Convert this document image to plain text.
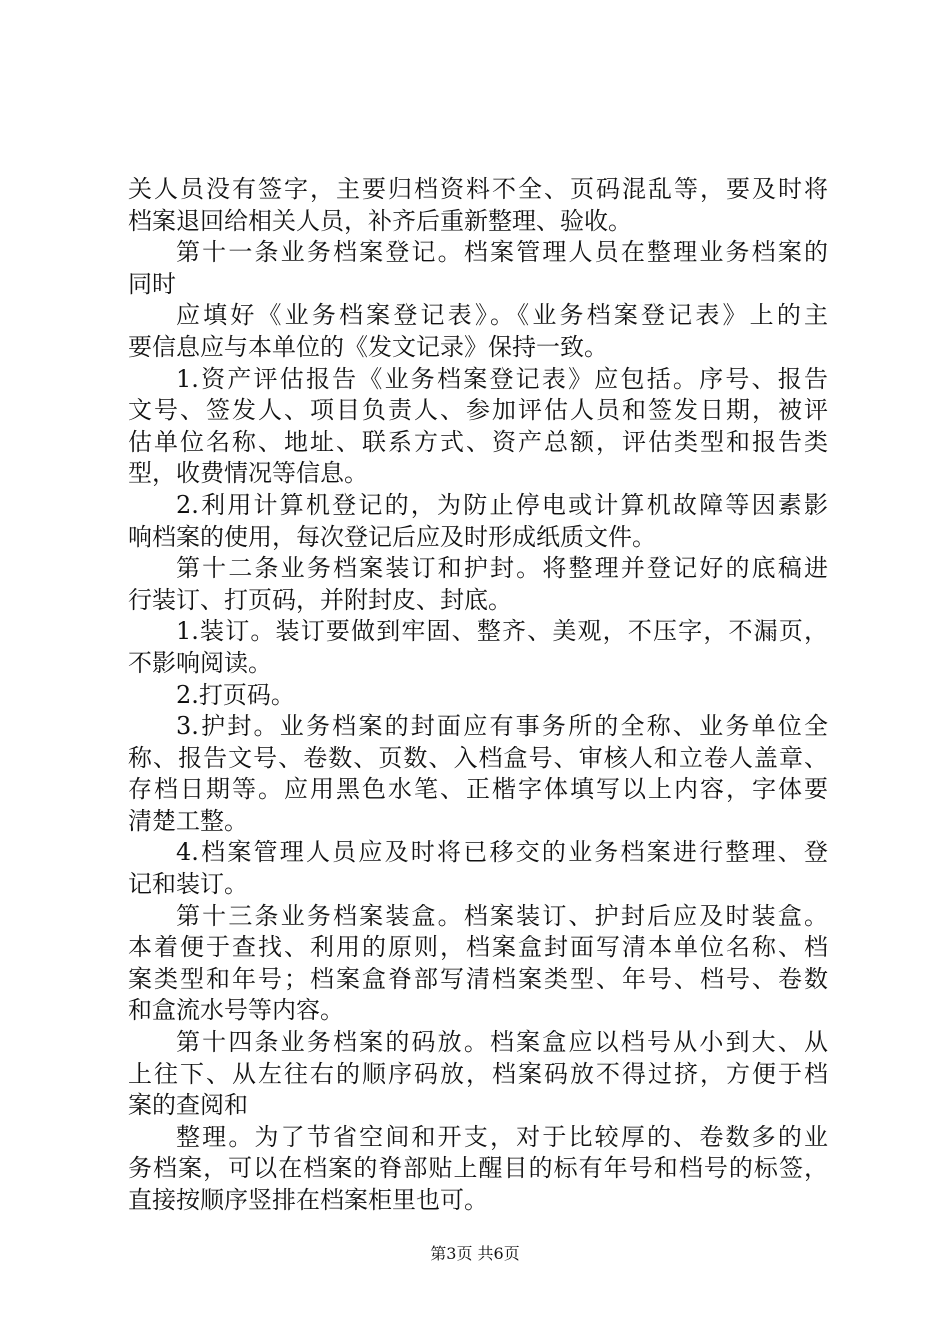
关人员没有签字，主要归档资料不全、页码混乱等，要及时将
档案退回给相关人员，补齐后重新整理、验收。
第十一条业务档案登记。档案管理人员在整理业务档案的
同时
应填好《业务档案登记表》。《业务档案登记表》上的主
要信息应与本单位的《发文记录》保持一致。
1.资产评估报告《业务档案登记表》应包括。序号、报告
文号、签发人、项目负责人、参加评估人员和签发日期，被评
估单位名称、地址、联系方式、资产总额，评估类型和报告类
型，收费情况等信息。
2.利用计算机登记的，为防止停电或计算机故障等因素影
响档案的使用，每次登记后应及时形成纸质文件。
第十二条业务档案装订和护封。将整理并登记好的底稿进
行装订、打页码，并附封皮、封底。
1.装订。装订要做到牢固、整齐、美观，不压字，不漏页，
不影响阅读。
2.打页码。
3.护封。业务档案的封面应有事务所的全称、业务单位全
称、报告文号、卷数、页数、入档盒号、审核人和立卷人盖章、
存档日期等。应用黑色水笔、正楷字体填写以上内容，字体要
清楚工整。
4.档案管理人员应及时将已移交的业务档案进行整理、登
记和装订。
第十三条业务档案装盒。档案装订、护封后应及时装盒。
本着便于查找、利用的原则，档案盒封面写清本单位名称、档
案类型和年号；档案盒脊部写清档案类型、年号、档号、卷数
和盒流水号等内容。
第十四条业务档案的码放。档案盒应以档号从小到大、从
上往下、从左往右的顺序码放，档案码放不得过挤，方便于档
案的查阅和
整理。为了节省空间和开支，对于比较厚的、卷数多的业
务档案，可以在档案的脊部贴上醒目的标有年号和档号的标签，
直接按顺序竖排在档案柜里也可。
第3页 共6页
